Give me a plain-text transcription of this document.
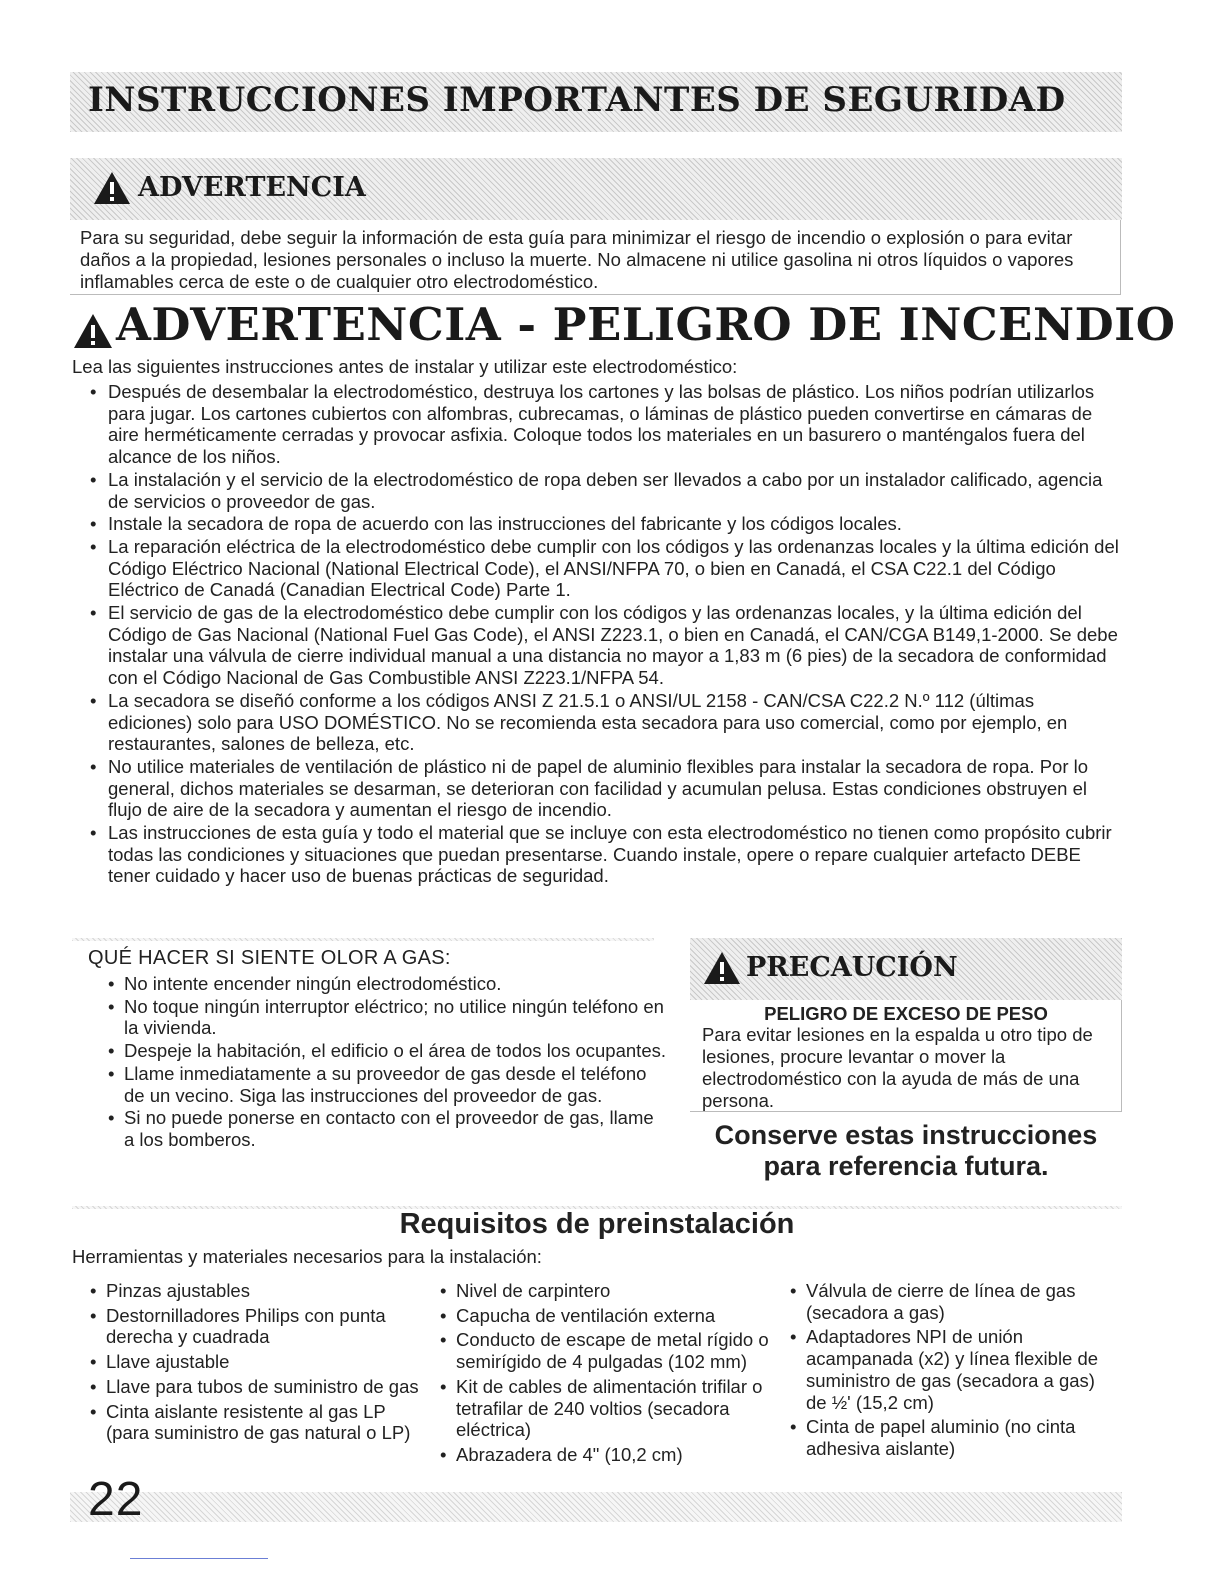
INSTRUCCIONES IMPORTANTES DE SEGURIDAD
ADVERTENCIA
Para su seguridad, debe seguir la información de esta guía para minimizar el riesgo de incendio o explosión o para evitar daños a la propiedad, lesiones personales o incluso la muerte. No almacene ni utilice gasolina ni otros líquidos o vapores inflamables cerca de este o de cualquier otro electrodoméstico.
ADVERTENCIA - PELIGRO DE INCENDIO
Lea las siguientes instrucciones antes de instalar y utilizar este electrodoméstico:
• Después de desembalar la electrodoméstico, destruya los cartones y las bolsas de plástico. Los niños podrían utilizarlos para jugar. Los cartones cubiertos con alfombras, cubrecamas, o láminas de plástico pueden convertirse en cámaras de aire herméticamente cerradas y provocar asfixia. Coloque todos los materiales en un basurero o manténgalos fuera del alcance de los niños.
• La instalación y el servicio de la electrodoméstico de ropa deben ser llevados a cabo por un instalador calificado, agencia de servicios o proveedor de gas.
• Instale la secadora de ropa de acuerdo con las instrucciones del fabricante y los códigos locales.
• La reparación eléctrica de la electrodoméstico debe cumplir con los códigos y las ordenanzas locales y la última edición del Código Eléctrico Nacional (National Electrical Code), el ANSI/NFPA 70, o bien en Canadá, el CSA C22.1 del Código Eléctrico de Canadá (Canadian Electrical Code) Parte 1.
• El servicio de gas de la electrodoméstico debe cumplir con los códigos y las ordenanzas locales, y la última edición del Código de Gas Nacional (National Fuel Gas Code), el ANSI Z223.1, o bien en Canadá, el CAN/CGA B149,1-2000. Se debe instalar una válvula de cierre individual manual a una distancia no mayor a 1,83 m (6 pies) de la secadora de conformidad con el Código Nacional de Gas Combustible ANSI Z223.1/NFPA 54.
• La secadora se diseñó conforme a los códigos ANSI Z 21.5.1 o ANSI/UL 2158 - CAN/CSA C22.2 N.º 112 (últimas ediciones) solo para USO DOMÉSTICO. No se recomienda esta secadora para uso comercial, como por ejemplo, en restaurantes, salones de belleza, etc.
• No utilice materiales de ventilación de plástico ni de papel de aluminio flexibles para instalar la secadora de ropa. Por lo general, dichos materiales se desarman, se deterioran con facilidad y acumulan pelusa. Estas condiciones obstruyen el flujo de aire de la secadora y aumentan el riesgo de incendio.
• Las instrucciones de esta guía y todo el material que se incluye con esta electrodoméstico no tienen como propósito cubrir todas las condiciones y situaciones que puedan presentarse. Cuando instale, opere o repare cualquier artefacto DEBE tener cuidado y hacer uso de buenas prácticas de seguridad.
QUÉ HACER SI SIENTE OLOR A GAS:
• No intente encender ningún electrodoméstico.
• No toque ningún interruptor eléctrico; no utilice ningún teléfono en la vivienda.
• Despeje la habitación, el edificio o el área de todos los ocupantes.
• Llame inmediatamente a su proveedor de gas desde el teléfono de un vecino. Siga las instrucciones del proveedor de gas.
• Si no puede ponerse en contacto con el proveedor de gas, llame a los bomberos.
PRECAUCIÓN
PELIGRO DE EXCESO DE PESO
Para evitar lesiones en la espalda u otro tipo de lesiones, procure levantar o mover la electrodoméstico con la ayuda de más de una persona.
Conserve estas instrucciones para referencia futura.
Requisitos de preinstalación
Herramientas y materiales necesarios para la instalación:
• Pinzas ajustables
• Destornilladores Philips con punta derecha y cuadrada
• Llave ajustable
• Llave para tubos de suministro de gas
• Cinta aislante resistente al gas LP (para suministro de gas natural o LP)
• Nivel de carpintero
• Capucha de ventilación externa
• Conducto de escape de metal rígido o semirígido de 4 pulgadas (102 mm)
• Kit de cables de alimentación trifilar o tetrafilar de 240 voltios (secadora eléctrica)
• Abrazadera de 4" (10,2 cm)
• Válvula de cierre de línea de gas (secadora a gas)
• Adaptadores NPI de unión acampanada (x2) y línea flexible de suministro de gas (secadora a gas) de ½' (15,2 cm)
• Cinta de papel aluminio (no cinta adhesiva aislante)
22
